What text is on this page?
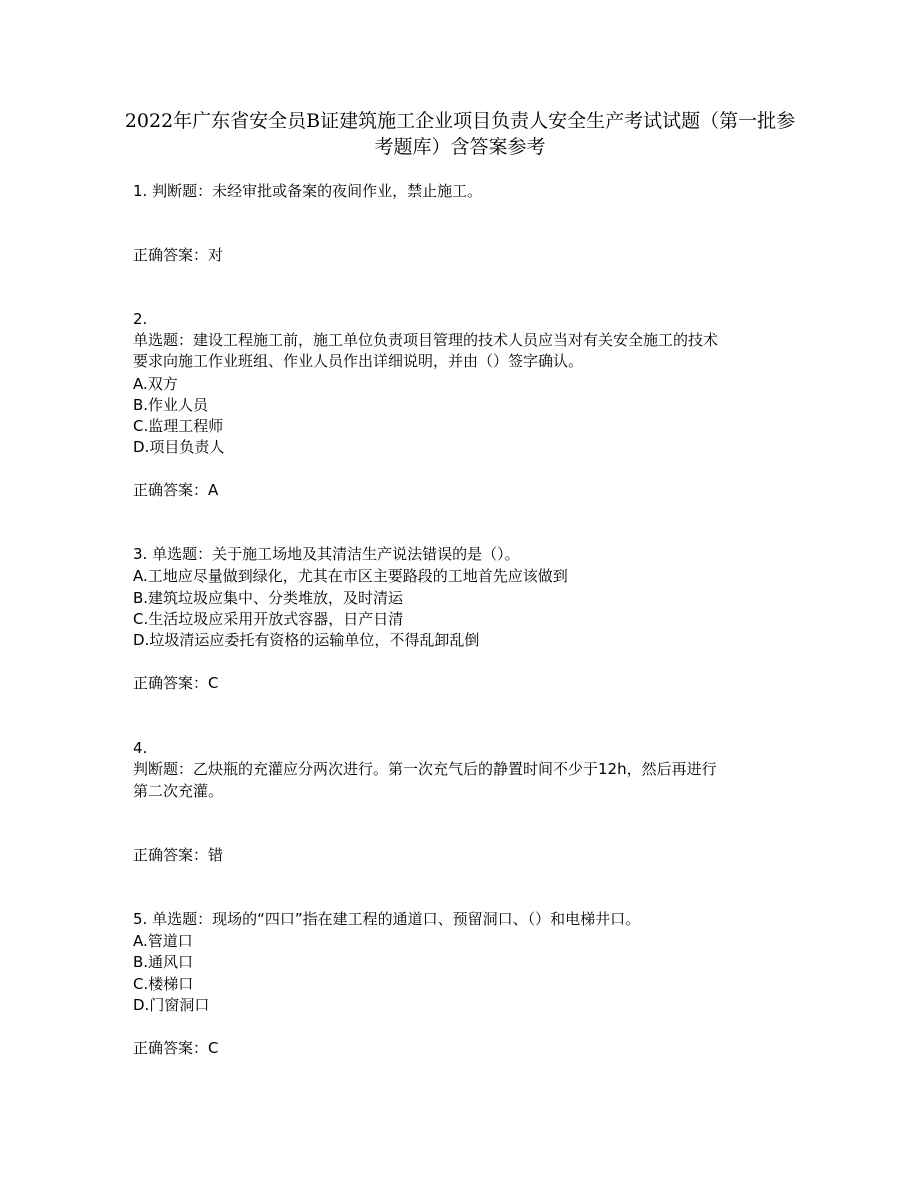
2022年广东省安全员B证建筑施工企业项目负责人安全生产考试试题（第一批参考题库）含答案参考
1. 判断题：未经审批或备案的夜间作业，禁止施工。
正确答案：对
2.
单选题：建设工程施工前，施工单位负责项目管理的技术人员应当对有关安全施工的技术
要求向施工作业班组、作业人员作出详细说明，并由（）签字确认。
A.双方
B.作业人员
C.监理工程师
D.项目负责人
正确答案：A
3. 单选题：关于施工场地及其清洁生产说法错误的是（）。
A.工地应尽量做到绿化，尤其在市区主要路段的工地首先应该做到
B.建筑垃圾应集中、分类堆放，及时清运
C.生活垃圾应采用开放式容器，日产日清
D.垃圾清运应委托有资格的运输单位，不得乱卸乱倒
正确答案：C
4.
判断题：乙炔瓶的充灌应分两次进行。第一次充气后的静置时间不少于12h，然后再进行
第二次充灌。
正确答案：错
5. 单选题：现场的“四口”指在建工程的通道口、预留洞口、（）和电梯井口。
A.管道口
B.通风口
C.楼梯口
D.门窗洞口
正确答案：C
